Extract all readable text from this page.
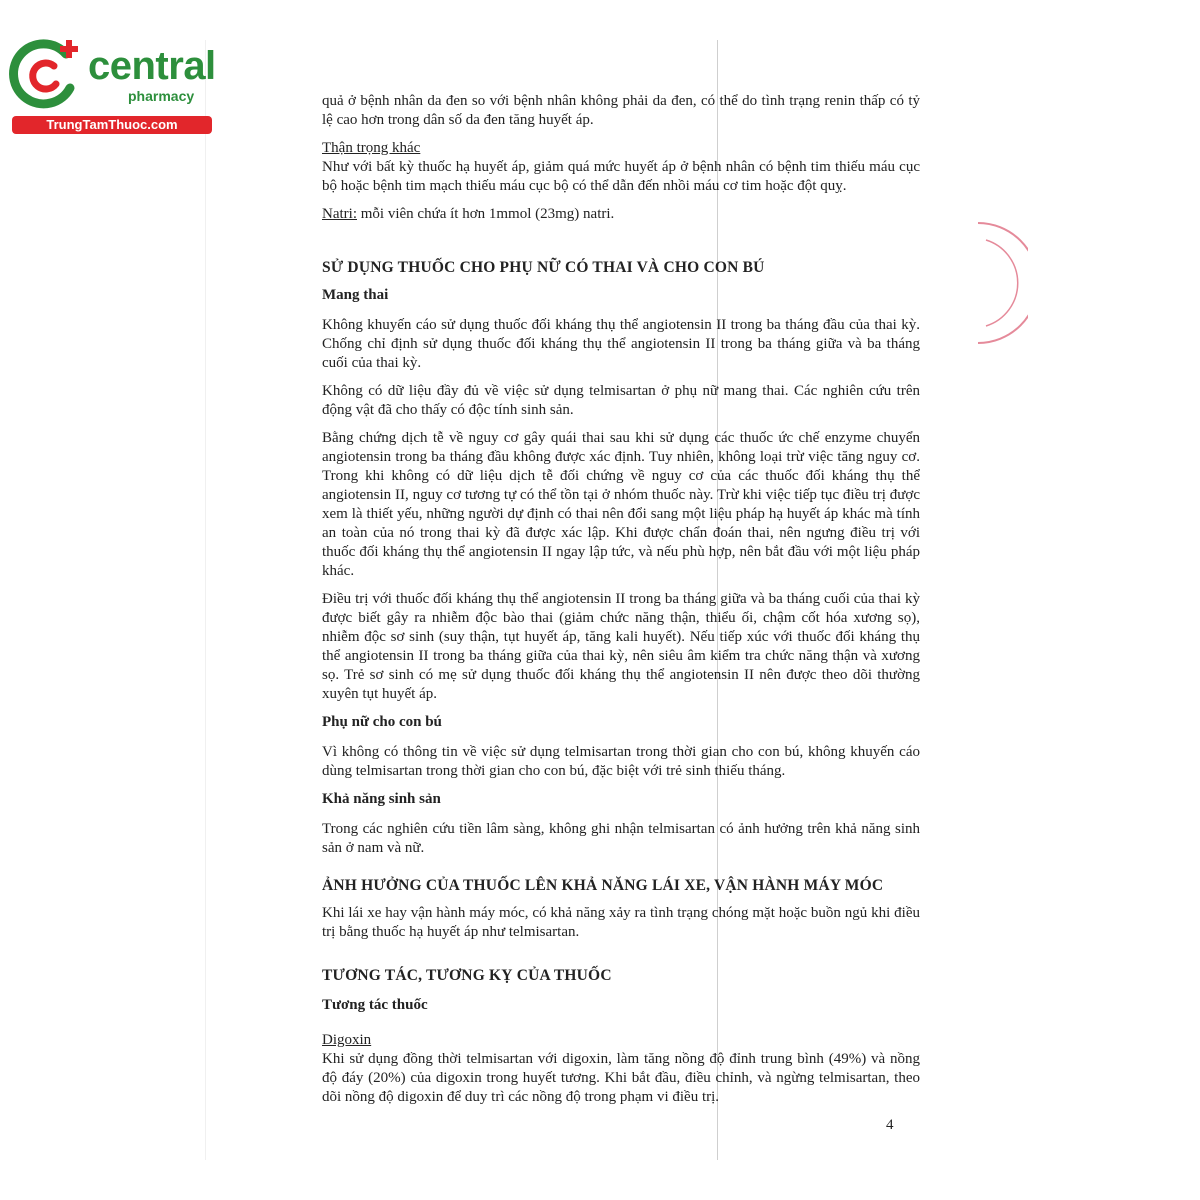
central
pharmacy
TrungTamThuoc.com

quả ở bệnh nhân da đen so với bệnh nhân không phải da đen, có thể do tình trạng renin thấp có tỷ lệ cao hơn trong dân số da đen tăng huyết áp.

Thận trọng khác

Như với bất kỳ thuốc hạ huyết áp, giảm quá mức huyết áp ở bệnh nhân có bệnh tim thiếu máu cục bộ hoặc bệnh tim mạch thiếu máu cục bộ có thể dẫn đến nhồi máu cơ tim hoặc đột quỵ.

Natri: mỗi viên chứa ít hơn 1mmol (23mg) natri.

SỬ DỤNG THUỐC CHO PHỤ NỮ CÓ THAI VÀ CHO CON BÚ

Mang thai

Không khuyến cáo sử dụng thuốc đối kháng thụ thể angiotensin II trong ba tháng đầu của thai kỳ. Chống chỉ định sử dụng thuốc đối kháng thụ thể angiotensin II trong ba tháng giữa và ba tháng cuối của thai kỳ.

Không có dữ liệu đầy đủ về việc sử dụng telmisartan ở phụ nữ mang thai. Các nghiên cứu trên động vật đã cho thấy có độc tính sinh sản.

Bằng chứng dịch tễ về nguy cơ gây quái thai sau khi sử dụng các thuốc ức chế enzyme chuyển angiotensin trong ba tháng đầu không được xác định. Tuy nhiên, không loại trừ việc tăng nguy cơ. Trong khi không có dữ liệu dịch tễ đối chứng về nguy cơ của các thuốc đối kháng thụ thể angiotensin II, nguy cơ tương tự có thể tồn tại ở nhóm thuốc này. Trừ khi việc tiếp tục điều trị được xem là thiết yếu, những người dự định có thai nên đổi sang một liệu pháp hạ huyết áp khác mà tính an toàn của nó trong thai kỳ đã được xác lập. Khi được chẩn đoán thai, nên ngưng điều trị với thuốc đối kháng thụ thể angiotensin II ngay lập tức, và nếu phù hợp, nên bắt đầu với một liệu pháp khác.

Điều trị với thuốc đối kháng thụ thể angiotensin II trong ba tháng giữa và ba tháng cuối của thai kỳ được biết gây ra nhiễm độc bào thai (giảm chức năng thận, thiểu ối, chậm cốt hóa xương sọ), nhiễm độc sơ sinh (suy thận, tụt huyết áp, tăng kali huyết). Nếu tiếp xúc với thuốc đối kháng thụ thể angiotensin II trong ba tháng giữa của thai kỳ, nên siêu âm kiểm tra chức năng thận và xương sọ. Trẻ sơ sinh có mẹ sử dụng thuốc đối kháng thụ thể angiotensin II nên được theo dõi thường xuyên tụt huyết áp.

Phụ nữ cho con bú

Vì không có thông tin về việc sử dụng telmisartan trong thời gian cho con bú, không khuyến cáo dùng telmisartan trong thời gian cho con bú, đặc biệt với trẻ sinh thiếu tháng.

Khả năng sinh sản

Trong các nghiên cứu tiền lâm sàng, không ghi nhận telmisartan có ảnh hưởng trên khả năng sinh sản ở nam và nữ.

ẢNH HƯỞNG CỦA THUỐC LÊN KHẢ NĂNG LÁI XE, VẬN HÀNH MÁY MÓC

Khi lái xe hay vận hành máy móc, có khả năng xảy ra tình trạng chóng mặt hoặc buồn ngủ khi điều trị bằng thuốc hạ huyết áp như telmisartan.

TƯƠNG TÁC, TƯƠNG KỴ CỦA THUỐC

Tương tác thuốc

Digoxin

Khi sử dụng đồng thời telmisartan với digoxin, làm tăng nồng độ đỉnh trung bình (49%) và nồng độ đáy (20%) của digoxin trong huyết tương. Khi bắt đầu, điều chỉnh, và ngừng telmisartan, theo dõi nồng độ digoxin để duy trì các nồng độ trong phạm vi điều trị.

4
